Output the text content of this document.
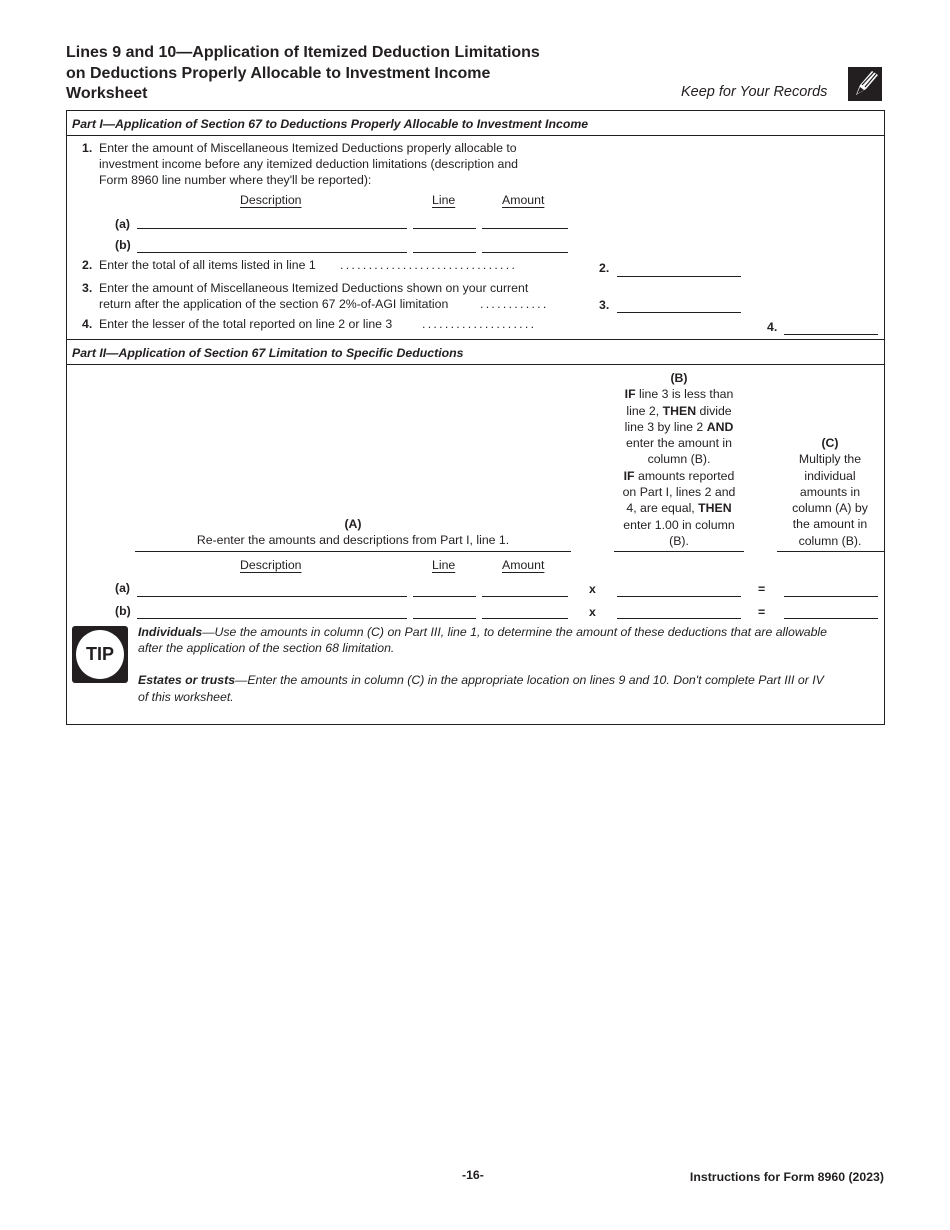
Lines 9 and 10—Application of Itemized Deduction Limitations
on Deductions Properly Allocable to Investment Income
Worksheet	Keep for Your Records
Part I—Application of Section 67 to Deductions Properly Allocable to Investment Income
1. Enter the amount of Miscellaneous Itemized Deductions properly allocable to
investment income before any itemized deduction limitations (description and
Form 8960 line number where they'll be reported):
Description	Line	Amount
(a)
(b)
2. Enter the total of all items listed in line 1 ...............................	2.
3. Enter the amount of Miscellaneous Itemized Deductions shown on your current
return after the application of the section 67 2%-of-AGI limitation	............	3.
4. Enter the lesser of the total reported on line 2 or line 3 ....................	4.
Part II—Application of Section 67 Limitation to Specific Deductions
(B)
IF line 3 is less than
line 2, THEN divide
line 3 by line 2 AND
enter the amount in
column (B).
IF amounts reported
on Part I, lines 2 and
4, are equal, THEN
enter 1.00 in column
(B).
(C)
Multiply the
individual
amounts in
column (A) by
the amount in
column (B).
(A)
Re-enter the amounts and descriptions from Part I, line 1.
Description	Line	Amount
(a)	x	=
(b)	x	=
TIP
Individuals—Use the amounts in column (C) on Part III, line 1, to determine the amount of these deductions that are allowable
after the application of the section 68 limitation.
Estates or trusts—Enter the amounts in column (C) in the appropriate location on lines 9 and 10. Don't complete Part III or IV
of this worksheet.
-16-	Instructions for Form 8960 (2023)
